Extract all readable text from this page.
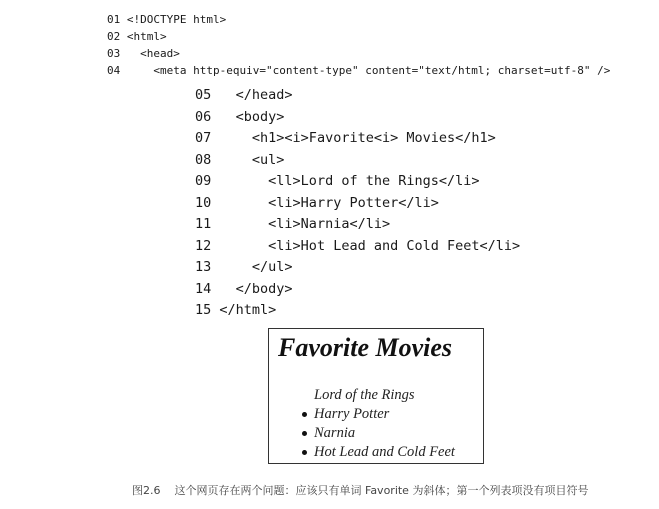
01 <!DOCTYPE html>
02 <html>
03   <head>
04     <meta http-equiv="content-type" content="text/html; charset=utf-8" />
05   </head>
06   <body>
07     <h1><i>Favorite<i> Movies</h1>
08     <ul>
09       <ll>Lord of the Rings</li>
10       <li>Harry Potter</li>
11       <li>Narnia</li>
12       <li>Hot Lead and Cold Feet</li>
13     </ul>
14   </body>
15 </html>
Favorite Movies
Lord of the Rings
Harry Potter
Narnia
Hot Lead and Cold Feet
图2.6 这个网页存在两个问题：应该只有单词 Favorite 为斜体；第一个列表项没有项目符号
